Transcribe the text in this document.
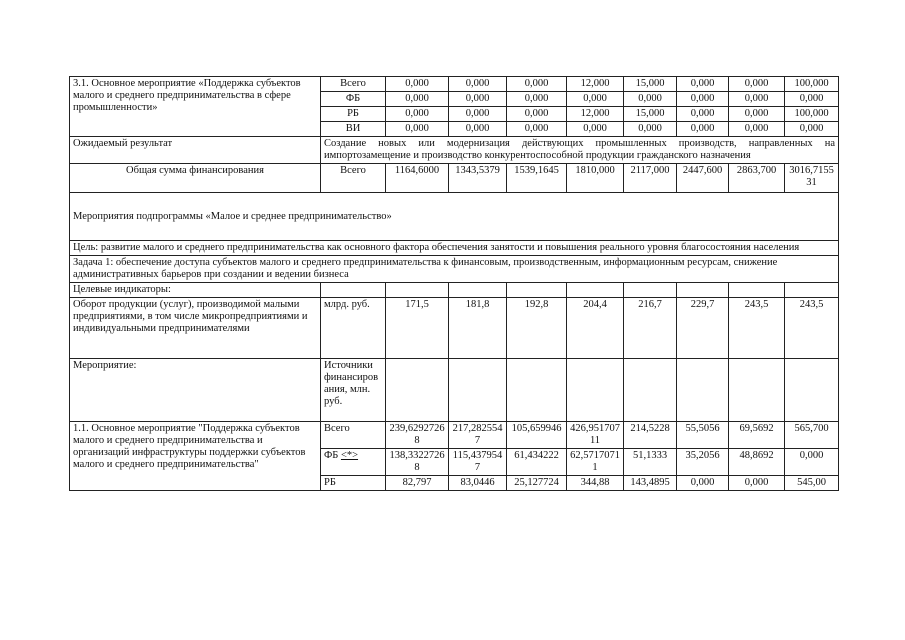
3.1. Основное мероприятие «Поддержка субъектов малого и среднего предпринимательства в сфере промышленности»	Всего	0,000	0,000	0,000	12,000	15,000	0,000	0,000	100,000
	ФБ	0,000	0,000	0,000	0,000	0,000	0,000	0,000	0,000
	РБ	0,000	0,000	0,000	12,000	15,000	0,000	0,000	100,000
	ВИ	0,000	0,000	0,000	0,000	0,000	0,000	0,000	0,000
Ожидаемый результат	Создание новых или модернизация действующих промышленных производств, направленных на импортозамещение и производство конкурентоспособной продукции гражданского назначения								
Общая сумма финансирования	Всего	1164,6000	1343,5379	1539,1645	1810,000	2117,000	2447,600	2863,700	3016,715531
Мероприятия подпрограммы «Малое и среднее предпринимательство»									
Цель: развитие малого и среднего предпринимательства как основного фактора обеспечения занятости и повышения реального уровня благосостояния населения									
Задача 1: обеспечение доступа субъектов малого и среднего предпринимательства к финансовым, производственным, информационным ресурсам, снижение административных барьеров при создании и ведении бизнеса									
Целевые индикаторы:									
Оборот продукции (услуг), производимой малыми предприятиями, в том числе микропредприятиями и индивидуальными предпринимателями	млрд. руб.	171,5	181,8	192,8	204,4	216,7	229,7	243,5	243,5
Мероприятие:	Источники финансирования, млн. руб.								
1.1. Основное мероприятие "Поддержка субъектов малого и среднего предпринимательства и организаций инфраструктуры поддержки субъектов малого и среднего предпринимательства"	Всего	239,62927268	217,2825547	105,659946	426,95170711	214,5228	55,5056	69,5692	565,700
	ФБ <*>	138,33227268	115,4379547	61,434222	62,57170711	51,1333	35,2056	48,8692	0,000
	РБ	82,797	83,0446	25,127724	344,88	143,4895	0,000	0,000	545,00
